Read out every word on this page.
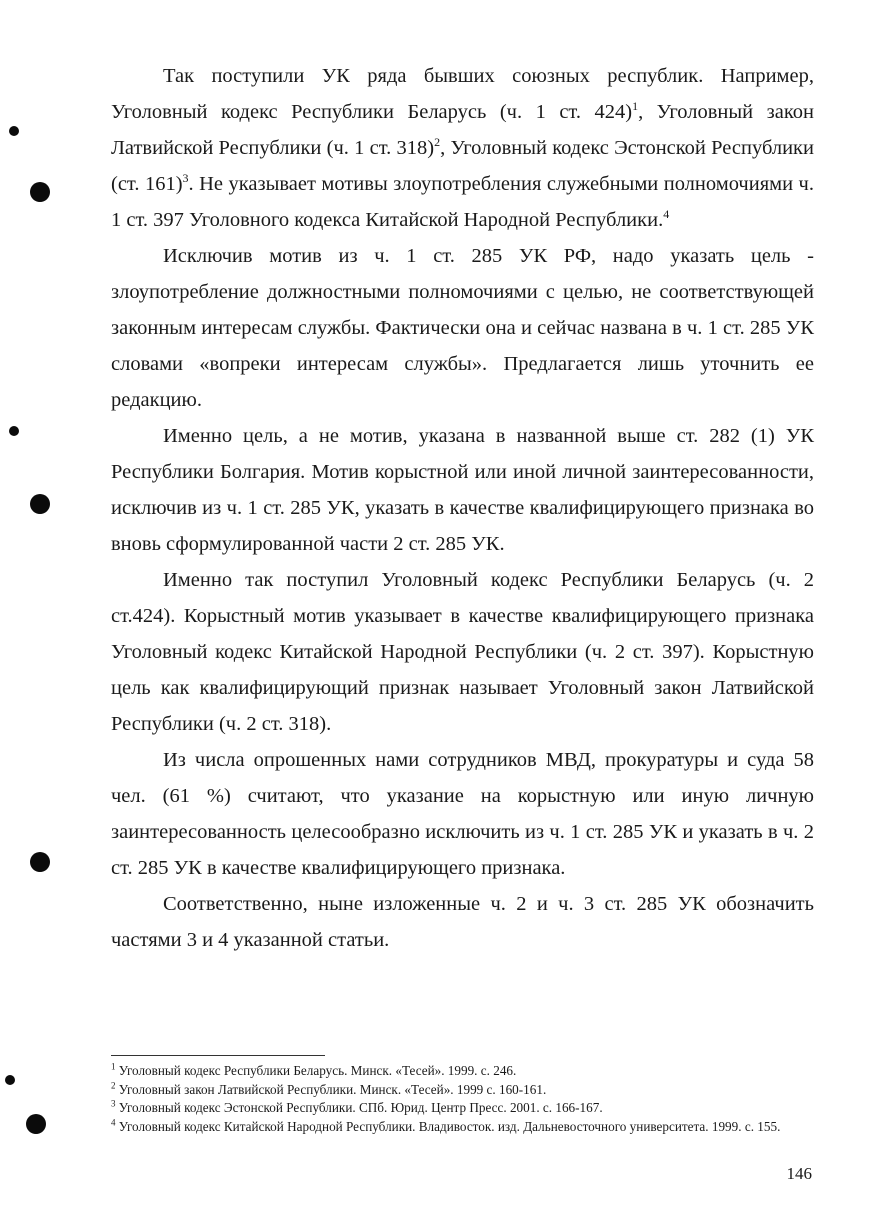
Так поступили УК ряда бывших союзных республик. Например, Уголовный кодекс Республики Беларусь (ч. 1 ст. 424)$^1$, Уголовный закон Латвийской Республики (ч. 1 ст. 318)$^2$, Уголовный кодекс Эстонской Республики (ст. 161)$^3$. Не указывает мотивы злоупотребления служебными полномочиями ч. 1 ст. 397 Уголовного кодекса Китайской Народной Республики.$^4$

Исключив мотив из ч. 1 ст. 285 УК РФ, надо указать цель - злоупотребление должностными полномочиями с целью, не соответствующей законным интересам службы. Фактически она и сейчас названа в ч. 1 ст. 285 УК словами «вопреки интересам службы». Предлагается лишь уточнить ее редакцию.

Именно цель, а не мотив, указана в названной выше ст. 282 (1) УК Республики Болгария. Мотив корыстной или иной личной заинтересованности, исключив из ч. 1 ст. 285 УК, указать в качестве квалифицирующего признака во вновь сформулированной части 2 ст. 285 УК.

Именно так поступил Уголовный кодекс Республики Беларусь (ч. 2 ст.424). Корыстный мотив указывает в качестве квалифицирующего признака Уголовный кодекс Китайской Народной Республики (ч. 2 ст. 397). Корыстную цель как квалифицирующий признак называет Уголовный закон Латвийской Республики (ч. 2 ст. 318).

Из числа опрошенных нами сотрудников МВД, прокуратуры и суда 58 чел. (61 %) считают, что указание на корыстную или иную личную заинтересованность целесообразно исключить из ч. 1 ст. 285 УК и указать в ч. 2 ст. 285 УК в качестве квалифицирующего признака.

Соответственно, ныне изложенные ч. 2 и ч. 3 ст. 285 УК обозначить частями 3 и 4 указанной статьи.

$^1$ Уголовный кодекс Республики Беларусь. Минск. «Тесей». 1999. с. 246.

$^2$ Уголовный закон Латвийской Республики. Минск. «Тесей». 1999 с. 160-161.

$^3$ Уголовный кодекс Эстонской Республики. СПб. Юрид. Центр Пресс. 2001. с. 166-167.

$^4$ Уголовный кодекс Китайской Народной Республики. Владивосток. изд. Дальневосточного университета. 1999. с. 155.

146
